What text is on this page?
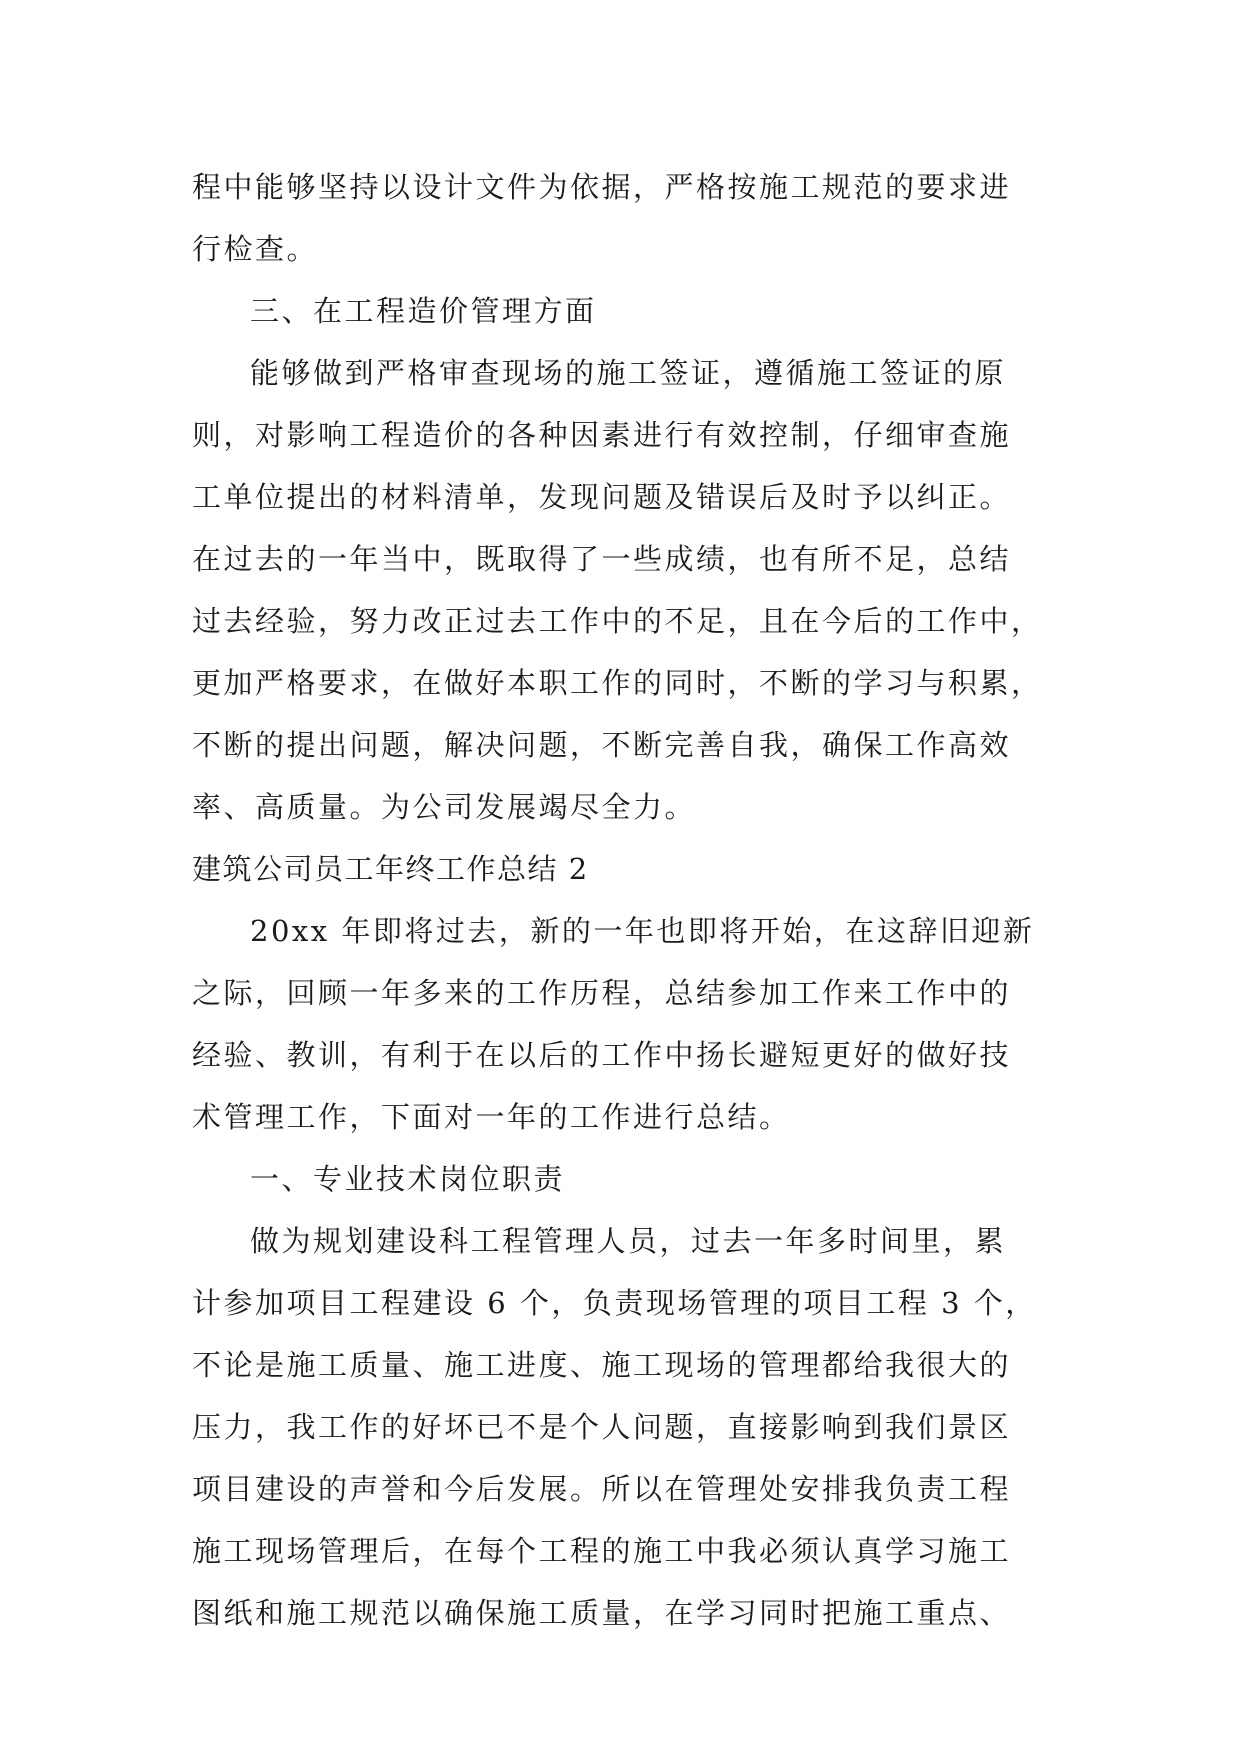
程中能够坚持以设计文件为依据，严格按施工规范的要求进
行检查。
三、在工程造价管理方面
能够做到严格审查现场的施工签证，遵循施工签证的原
则，对影响工程造价的各种因素进行有效控制，仔细审查施
工单位提出的材料清单，发现问题及错误后及时予以纠正。
在过去的一年当中，既取得了一些成绩，也有所不足，总结
过去经验，努力改正过去工作中的不足，且在今后的工作中，
更加严格要求，在做好本职工作的同时，不断的学习与积累，
不断的提出问题，解决问题，不断完善自我，确保工作高效
率、高质量。为公司发展竭尽全力。
建筑公司员工年终工作总结 2
20xx 年即将过去，新的一年也即将开始，在这辞旧迎新
之际，回顾一年多来的工作历程，总结参加工作来工作中的
经验、教训，有利于在以后的工作中扬长避短更好的做好技
术管理工作，下面对一年的工作进行总结。
一、专业技术岗位职责
做为规划建设科工程管理人员，过去一年多时间里，累
计参加项目工程建设 6 个，负责现场管理的项目工程 3 个，
不论是施工质量、施工进度、施工现场的管理都给我很大的
压力，我工作的好坏已不是个人问题，直接影响到我们景区
项目建设的声誉和今后发展。所以在管理处安排我负责工程
施工现场管理后，在每个工程的施工中我必须认真学习施工
图纸和施工规范以确保施工质量，在学习同时把施工重点、
